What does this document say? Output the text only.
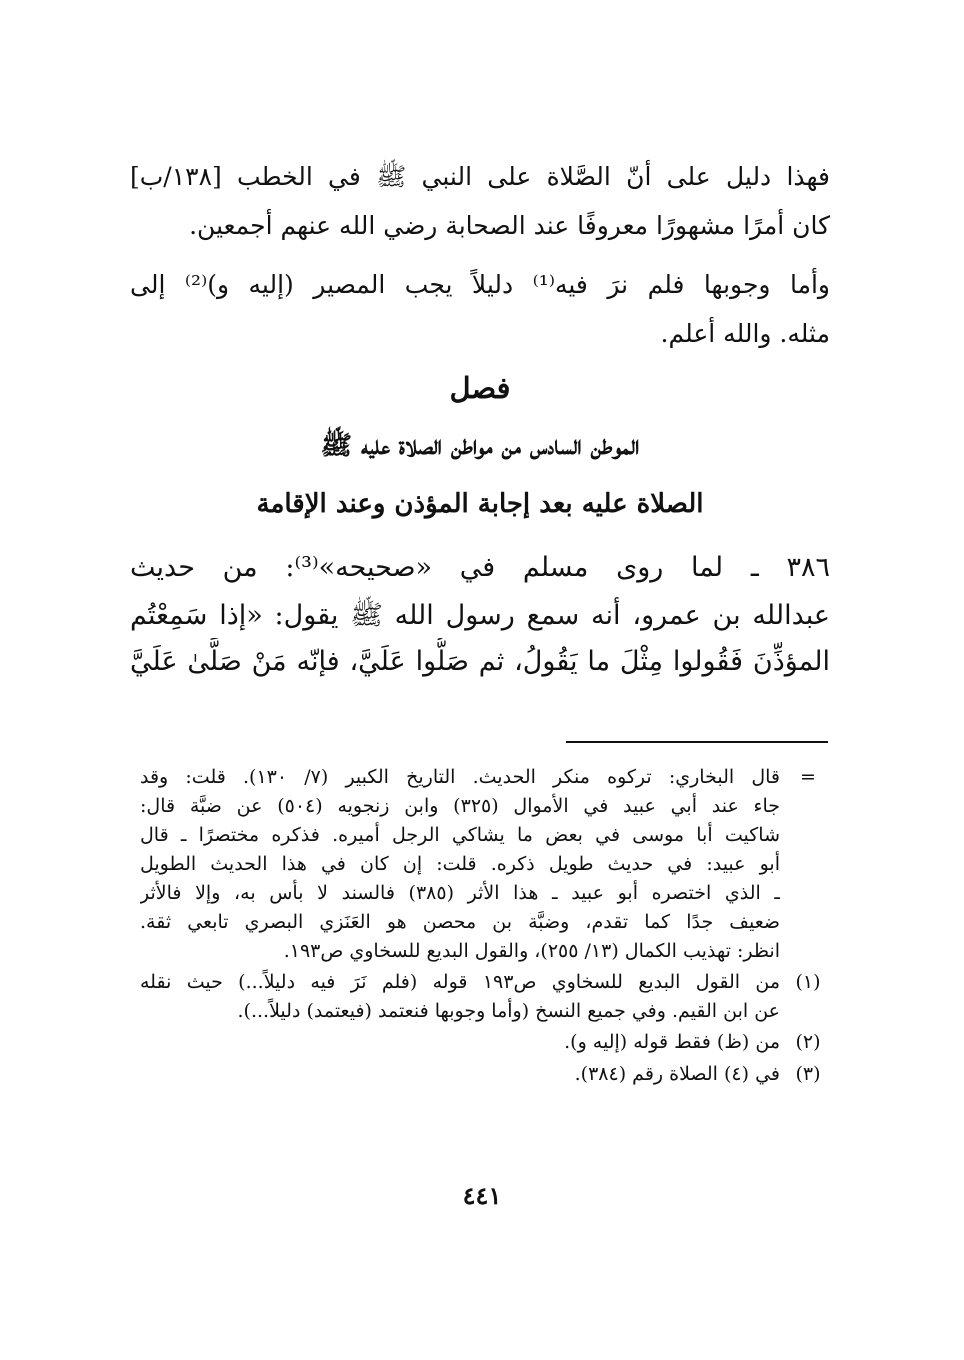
فهذا دليل على أنّ الصَّلاة على النبي ﷺ في الخطب [١٣٨/ب]
كان أمرًا مشهورًا معروفًا عند الصحابة رضي الله عنهم أجمعين.
وأما وجوبها فلم نرَ فيه⁽¹⁾ دليلاً يجب المصير (إليه و)⁽²⁾ إلى
مثله. والله أعلم.
فصل
الموطن السادس من مواطن الصلاة عليه ﷺ
الصلاة عليه بعد إجابة المؤذن وعند الإقامة
٣٨٦ ـ لما روى مسلم في «صحيحه»⁽³⁾: من حديث
عبدالله بن عمرو، أنه سمع رسول الله ﷺ يقول: «إذا سَمِعْتُم
المؤذِّنَ فَقُولوا مِثْلَ ما يَقُولُ، ثم صَلُّوا عَلَيَّ، فإنّه مَنْ صَلَّىٰ عَلَيَّ
=
قال البخاري: تركوه منكر الحديث. التاريخ الكبير (٧/ ١٣٠). قلت: وقد
جاء عند أبي عبيد في الأموال (٣٢٥) وابن زنجويه (٥٠٤) عن ضبَّة قال:
شاكيت أبا موسى في بعض ما يشاكي الرجل أميره. فذكره مختصرًا ـ قال
أبو عبيد: في حديث طويل ذكره. قلت: إن كان في هذا الحديث الطويل
ـ الذي اختصره أبو عبيد ـ هذا الأثر (٣٨٥) فالسند لا بأس به، وإلا فالأثر
ضعيف جدًا كما تقدم، وضبَّة بن محصن هو العَنَزي البصري تابعي ثقة.
انظر: تهذيب الكمال (١٣/ ٢٥٥)، والقول البديع للسخاوي ص١٩٣.
(١)
من القول البديع للسخاوي ص١٩٣ قوله (فلم نَرَ فيه دليلاً...) حيث نقله
عن ابن القيم. وفي جميع النسخ (وأما وجوبها فنعتمد (فيعتمد) دليلاً...).
(٢)
من (ظ) فقط قوله (إليه و).
(٣)
في (٤) الصلاة رقم (٣٨٤).
٤٤١
